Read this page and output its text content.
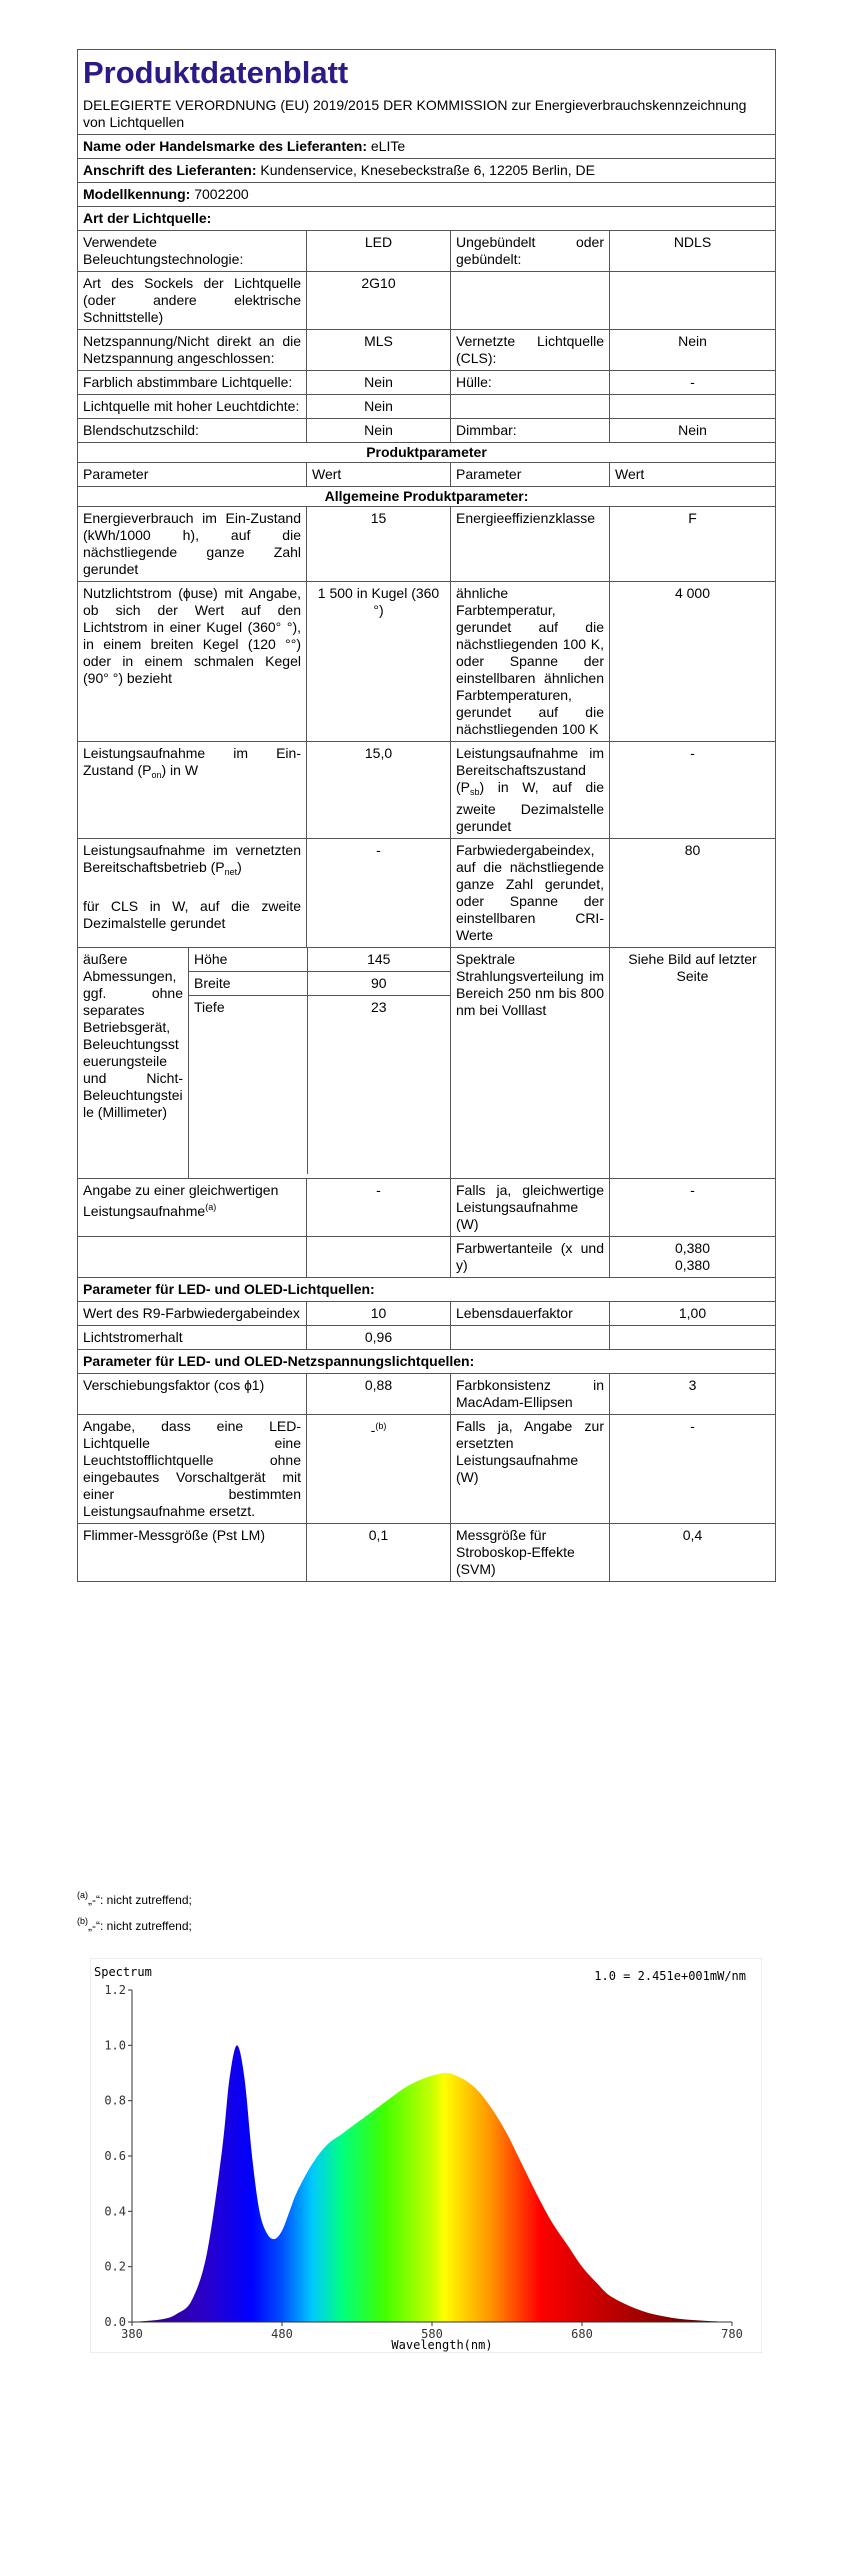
Produktdatenblatt
DELEGIERTE VERORDNUNG (EU) 2019/2015 DER KOMMISSION zur Energieverbrauchskennzeichnung von Lichtquellen

Name oder Handelsmarke des Lieferanten: eLITe
Anschrift des Lieferanten: Kundenservice, Knesebeckstraße 6, 12205 Berlin, DE
Modellkennung: 7002200
Art der Lichtquelle:
Verwendete Beleuchtungstechnologie:	LED	Ungebündelt oder gebündelt:	NDLS
Art des Sockels der Lichtquelle (oder andere elektrische Schnittstelle)	2G10		
Netzspannung/Nicht direkt an die Netzspannung angeschlossen:	MLS	Vernetzte Lichtquelle (CLS):	Nein
Farblich abstimmbare Lichtquelle:	Nein	Hülle:	-
Lichtquelle mit hoher Leuchtdichte:	Nein		
Blendschutzschild:	Nein	Dimmbar:	Nein
Produktparameter
Parameter	Wert	Parameter	Wert
Allgemeine Produktparameter:
Energieverbrauch im Ein-Zustand (kWh/1000 h), auf die nächstliegende ganze Zahl gerundet	15	Energieeffizienzklasse	F
Nutzlichtstrom (ɸuse) mit Angabe, ob sich der Wert auf den Lichtstrom in einer Kugel (360° °), in einem breiten Kegel (120 °°) oder in einem schmalen Kegel (90° °) bezieht	1 500 in Kugel (360 °)	ähnliche Farbtemperatur, gerundet auf die nächstliegenden 100 K, oder Spanne der einstellbaren ähnlichen Farbtemperaturen, gerundet auf die nächstliegenden 100 K	4 000
Leistungsaufnahme im Ein-Zustand $(P_{on})$ in W	15,0	Leistungsaufnahme im Bereitschaftszustand $(P_{sb})$ in W, auf die zweite Dezimalstelle gerundet	-
Leistungsaufnahme im vernetzten Bereitschaftsbetrieb $(P_{net})$

für CLS in W, auf die zweite Dezimalstelle gerundet	-	Farbwiedergabeindex, auf die nächstliegende ganze Zahl gerundet, oder Spanne der einstellbaren CRI-Werte	80
äußere Abmessungen, ggf. ohne separates Betriebsgerät, Beleuchtungssteuerungsteile und Nicht-Beleuchtungsteile (Millimeter)	
Höhe	145
Breite	90
Tiefe	23
	Spektrale Strahlungsverteilung im Bereich 250 nm bis 800 nm bei Volllast	Siehe Bild auf letzter Seite
Angabe zu einer gleichwertigen Leistungsaufnahme$^{(a)}$	-	Falls ja, gleichwertige Leistungsaufnahme (W)	-
		Farbwertanteile (x und y)	0,380
0,380
Parameter für LED- und OLED-Lichtquellen:
Wert des R9-Farbwiedergabeindex	10	Lebensdauerfaktor	1,00
Lichtstromerhalt	0,96		
Parameter für LED- und OLED-Netzspannungslichtquellen:
Verschiebungsfaktor (cos ɸ1)	0,88	Farbkonsistenz in MacAdam-Ellipsen	3
Angabe, dass eine LED-Lichtquelle eine Leuchtstofflichtquelle ohne eingebautes Vorschaltgerät mit einer bestimmten Leistungsaufnahme ersetzt.	-$^{(b)}$	Falls ja, Angabe zur ersetzten Leistungsaufnahme (W)	-
Flimmer-Messgröße (Pst LM)	0,1	Messgröße für Stroboskop-Effekte (SVM)	0,4
$^{(a)}$„-“: nicht zutreffend;
$^{(b)}$„-“: nicht zutreffend;
Spectrum	1.0 = 2.451e+001mW/nm
0.0
0.2
0.4
0.6
0.8
1.0
1.2
380	480	580	680	780
Wavelength(nm)
